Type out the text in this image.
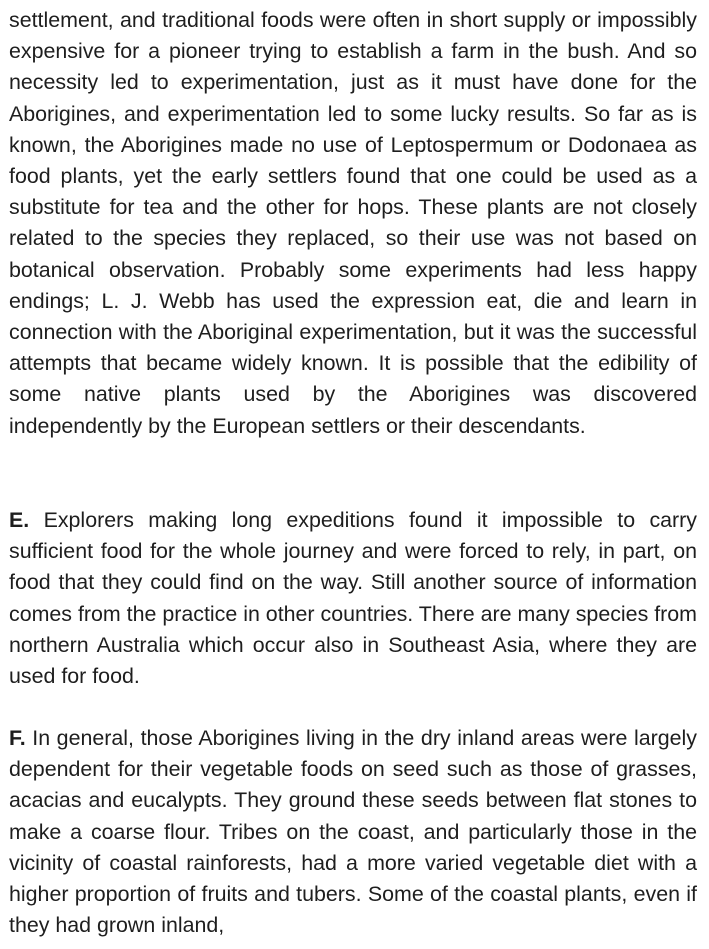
settlement, and traditional foods were often in short supply or impossibly expensive for a pioneer trying to establish a farm in the bush. And so necessity led to experimentation, just as it must have done for the Aborigines, and experimentation led to some lucky results. So far as is known, the Aborigines made no use of Leptospermum or Dodonaea as food plants, yet the early settlers found that one could be used as a substitute for tea and the other for hops. These plants are not closely related to the species they replaced, so their use was not based on botanical observation. Probably some experiments had less happy endings; L. J. Webb has used the expression eat, die and learn in connection with the Aboriginal experimentation, but it was the successful attempts that became widely known. It is possible that the edibility of some native plants used by the Aborigines was discovered independently by the European settlers or their descendants.

E. Explorers making long expeditions found it impossible to carry sufficient food for the whole journey and were forced to rely, in part, on food that they could find on the way. Still another source of information comes from the practice in other countries. There are many species from northern Australia which occur also in Southeast Asia, where they are used for food.

F. In general, those Aborigines living in the dry inland areas were largely dependent for their vegetable foods on seed such as those of grasses, acacias and eucalypts. They ground these seeds between flat stones to make a coarse flour. Tribes on the coast, and particularly those in the vicinity of coastal rainforests, had a more varied vegetable diet with a higher proportion of fruits and tubers. Some of the coastal plants, even if they had grown inland,
